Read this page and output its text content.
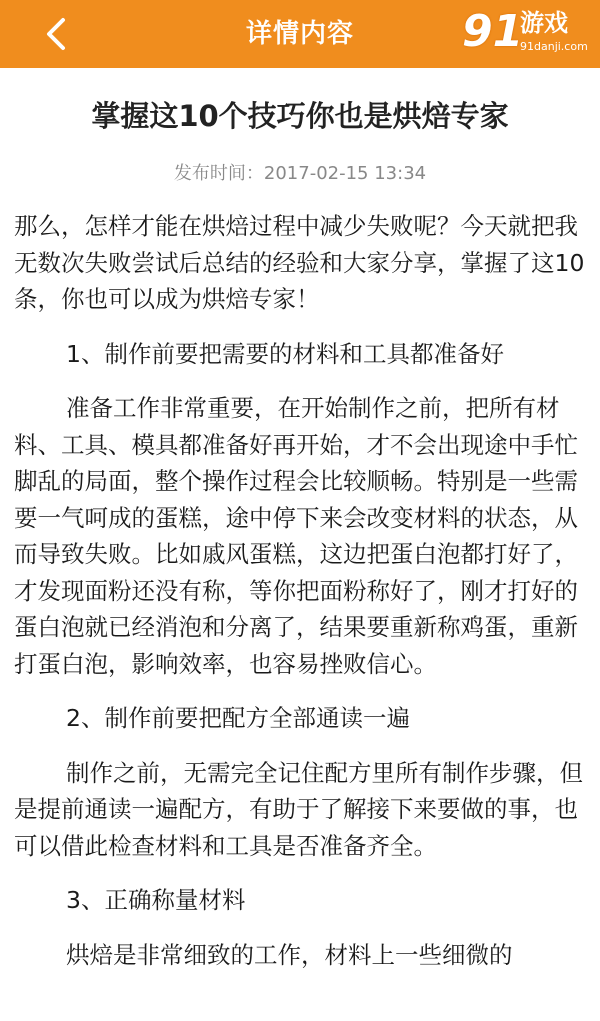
详情内容	91
游戏
91danji.com
掌握这10个技巧你也是烘焙专家
发布时间：2017-02-15 13:34

那么，怎样才能在烘焙过程中减少失败呢？今天就把我无数次失败尝试后总结的经验和大家分享，掌握了这10条，你也可以成为烘焙专家！

1、制作前要把需要的材料和工具都准备好

准备工作非常重要，在开始制作之前，把所有材料、工具、模具都准备好再开始，才不会出现途中手忙脚乱的局面，整个操作过程会比较顺畅。特别是一些需要一气呵成的蛋糕，途中停下来会改变材料的状态，从而导致失败。比如戚风蛋糕，这边把蛋白泡都打好了，才发现面粉还没有称，等你把面粉称好了，刚才打好的蛋白泡就已经消泡和分离了，结果要重新称鸡蛋，重新打蛋白泡，影响效率，也容易挫败信心。

2、制作前要把配方全部通读一遍

制作之前，无需完全记住配方里所有制作步骤，但是提前通读一遍配方，有助于了解接下来要做的事，也可以借此检查材料和工具是否准备齐全。

3、正确称量材料

烘焙是非常细致的工作，材料上一些细微的
